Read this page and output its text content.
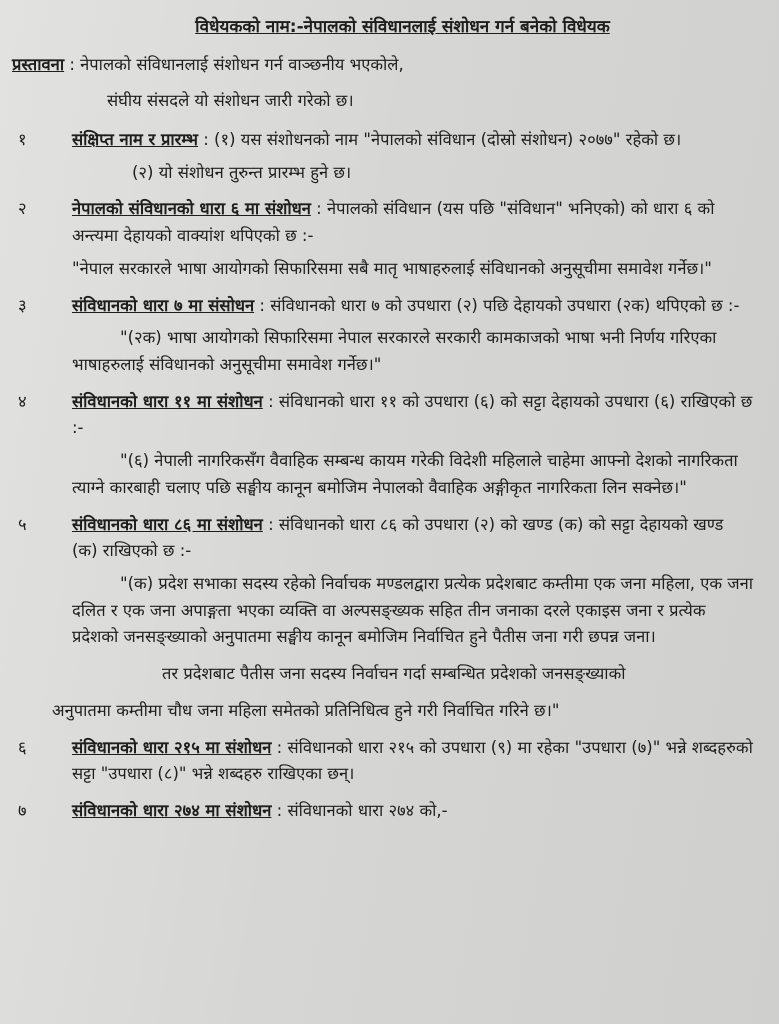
विधेयकको नाम:-नेपालको संविधानलाई संशोधन गर्न बनेको विधेयक
प्रस्तावना : नेपालको संविधानलाई संशोधन गर्न वाञ्छनीय भएकोले,
संघीय संसदले यो संशोधन जारी गरेको छ।
१	संक्षिप्त नाम र प्रारम्भ : (१) यस संशोधनको नाम "नेपालको संविधान (दोस्रो संशोधन) २०७७" रहेको छ।
(२) यो संशोधन तुरुन्त प्रारम्भ हुने छ।
२	नेपालको संविधानको धारा ६ मा संशोधन : नेपालको संविधान (यस पछि "संविधान" भनिएको) को धारा ६ को अन्त्यमा देहायको वाक्यांश थपिएको छ :-
"नेपाल सरकारले भाषा आयोगको सिफारिसमा सबै मातृ भाषाहरुलाई संविधानको अनुसूचीमा समावेश गर्नेछ।"
३	संविधानको धारा ७ मा संसोधन : संविधानको धारा ७ को उपधारा (२) पछि देहायको उपधारा (२क) थपिएको छ :-
"(२क) भाषा आयोगको सिफारिसमा नेपाल सरकारले सरकारी कामकाजको भाषा भनी निर्णय गरिएका भाषाहरुलाई संविधानको अनुसूचीमा समावेश गर्नेछ।"
४	संविधानको धारा ११ मा संशोधन : संविधानको धारा ११ को उपधारा (६) को सट्टा देहायको उपधारा (६) राखिएको छ :-
"(६) नेपाली नागरिकसँग वैवाहिक सम्बन्ध कायम गरेकी विदेशी महिलाले चाहेमा आफ्नो देशको नागरिकता त्याग्ने कारबाही चलाए पछि सङ्घीय कानून बमोजिम नेपालको वैवाहिक अङ्गीकृत नागरिकता लिन सक्नेछ।"
५	संविधानको धारा ८६ मा संशोधन : संविधानको धारा ८६ को उपधारा (२) को खण्ड (क) को सट्टा देहायको खण्ड (क) राखिएको छ :-
"(क) प्रदेश सभाका सदस्य रहेको निर्वाचक मण्डलद्वारा प्रत्येक प्रदेशबाट कम्तीमा एक जना महिला, एक जना दलित र एक जना अपाङ्गता भएका व्यक्ति वा अल्पसङ्ख्यक सहित तीन जनाका दरले एकाइस जना र प्रत्येक प्रदेशको जनसङ्ख्याको अनुपातमा सङ्घीय कानून बमोजिम निर्वाचित हुने पैतीस जना गरी छपन्न जना।
तर प्रदेशबाट पैतीस जना सदस्य निर्वाचन गर्दा सम्बन्धित प्रदेशको जनसङ्ख्याको
अनुपातमा कम्तीमा चौध जना महिला समेतको प्रतिनिधित्व हुने गरी निर्वाचित गरिने छ।"
६	संविधानको धारा २१५ मा संशोधन : संविधानको धारा २१५ को उपधारा (९) मा रहेका "उपधारा (७)" भन्ने शब्दहरुको सट्टा "उपधारा (८)" भन्ने शब्दहरु राखिएका छन्।
७	संविधानको धारा २७४ मा संशोधन : संविधानको धारा २७४ को,-
